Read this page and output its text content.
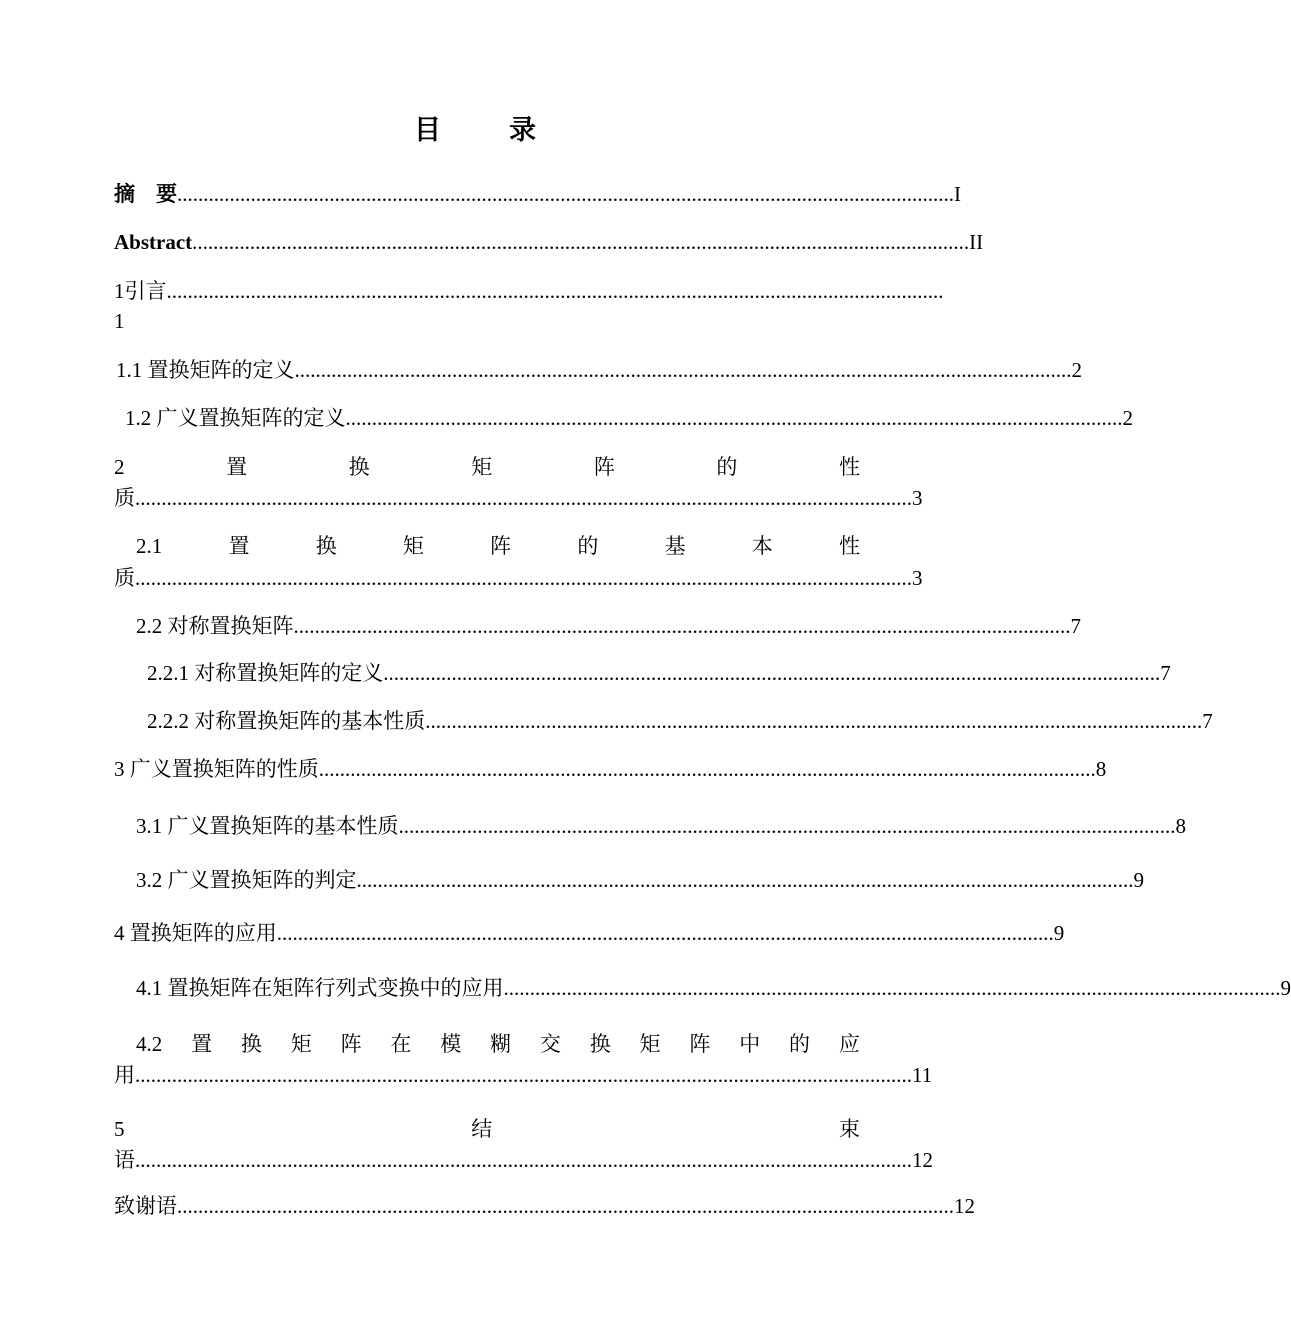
目	录
摘　要 .................................................................................................................................................... I
Abstract .................................................................................................................................................... II
1 引 言 ....................................................................................................................................................
1
1.1 置换矩阵的定义 .................................................................................................................................................... 2
1.2 广义置换矩阵的定义 .................................................................................................................................................... 2
2	置	换	矩	阵	的	性
质 .................................................................................................................................................... 3
2.1	置	换	矩	阵	的	基	本	性
质 .................................................................................................................................................... 3
2.2 对称置换矩阵 .................................................................................................................................................... 7
2.2.1 对称置换矩阵的定义 .................................................................................................................................................... 7
2.2.2 对称置换矩阵的基本性质 .................................................................................................................................................... 7
3 广义置换矩阵的性质 .................................................................................................................................................... 8
3.1 广义置换矩阵的基本性质 .................................................................................................................................................... 8
3.2 广义置换矩阵的判定 .................................................................................................................................................... 9
4 置换矩阵的应用 .................................................................................................................................................... 9
4.1 置换矩阵在矩阵行列式变换中的应用 .................................................................................................................................................... 9
4.2 置 换 矩 阵 在 模 糊 交 换 矩 阵 中 的 应
用 .................................................................................................................................................... 11
5	结	束
语 .................................................................................................................................................... 12
致谢语 .................................................................................................................................................... 12
